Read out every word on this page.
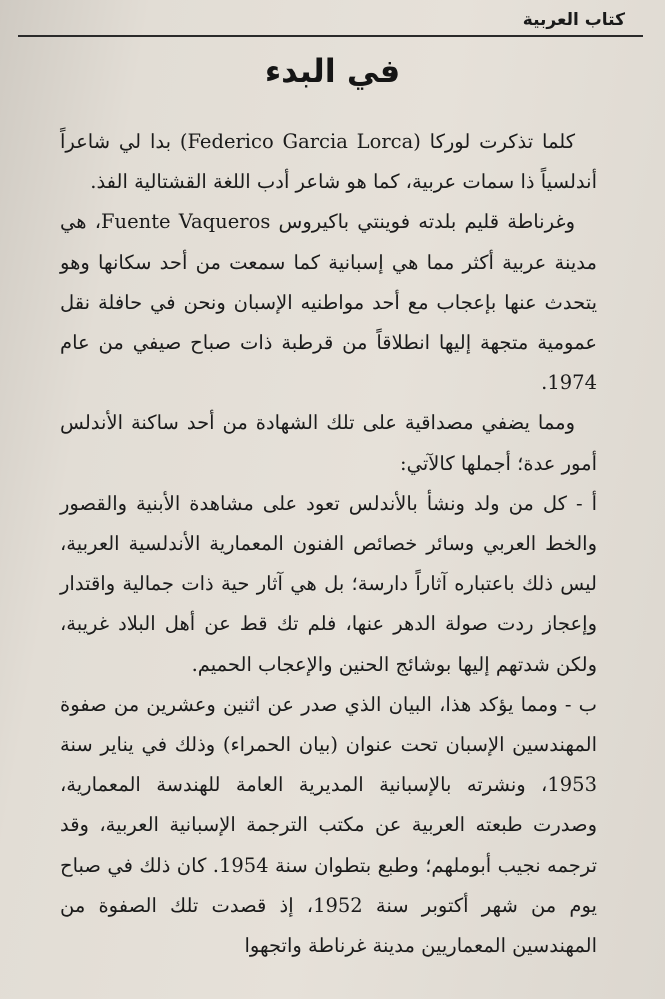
كتاب العربية
في البدء

كلما تذكرت لوركا (Federico Garcia Lorca) بدا لي شاعراً أندلسياً ذا سمات عربية، كما هو شاعر أدب اللغة القشتالية الفذ.

وغرناطة قليم بلدته فوينتي باكيروس Fuente Vaqueros، هي مدينة عربية أكثر مما هي إسبانية كما سمعت من أحد سكانها وهو يتحدث عنها بإعجاب مع أحد مواطنيه الإسبان ونحن في حافلة نقل عمومية متجهة إليها انطلاقاً من قرطبة ذات صباح صيفي من عام 1974.

ومما يضفي مصداقية على تلك الشهادة من أحد ساكنة الأندلس أمور عدة؛ أجملها كالآتي:

أ - كل من ولد ونشأ بالأندلس تعود على مشاهدة الأبنية والقصور والخط العربي وسائر خصائص الفنون المعمارية الأندلسية العربية، ليس ذلك باعتباره آثاراً دارسة؛ بل هي آثار حية ذات جمالية واقتدار وإعجاز ردت صولة الدهر عنها، فلم تك قط عن أهل البلاد غريبة، ولكن شدتهم إليها بوشائج الحنين والإعجاب الحميم.

ب - ومما يؤكد هذا، البيان الذي صدر عن اثنين وعشرين من صفوة المهندسين الإسبان تحت عنوان (بيان الحمراء) وذلك في يناير سنة 1953، ونشرته بالإسبانية المديرية العامة للهندسة المعمارية، وصدرت طبعته العربية عن مكتب الترجمة الإسبانية العربية، وقد ترجمه نجيب أبوملهم؛ وطبع بتطوان سنة 1954. كان ذلك في صباح يوم من شهر أكتوبر سنة 1952، إذ قصدت تلك الصفوة من المهندسين المعماريين مدينة غرناطة واتجهوا
